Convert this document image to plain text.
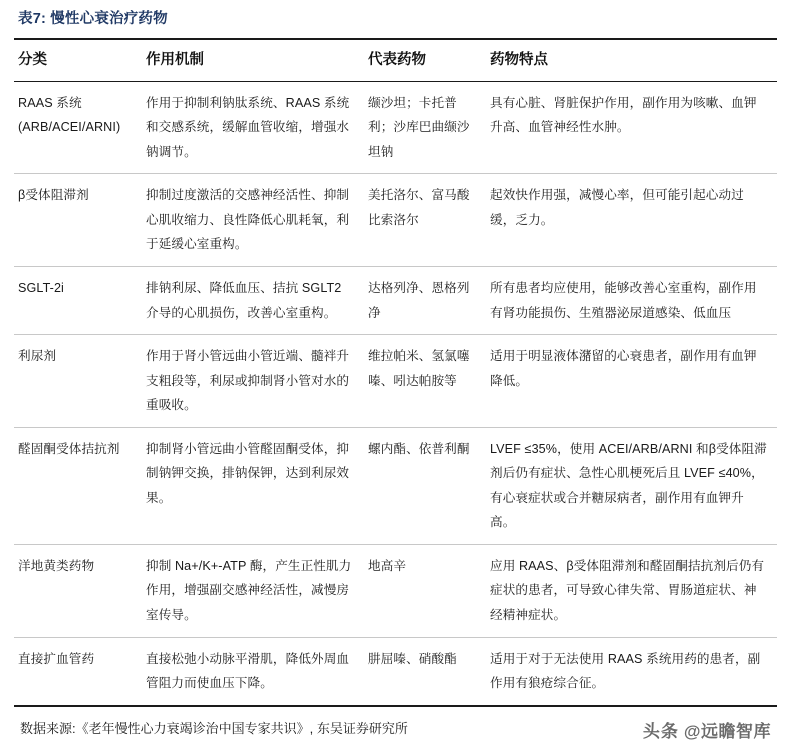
表7: 慢性心衰治疗药物
分类	作用机制	代表药物	药物特点
RAAS 系统 (ARB/ACEI/ARNI)	作用于抑制利钠肽系统、RAAS 系统和交感系统，缓解血管收缩，增强水钠调节。	缬沙坦；卡托普利；沙库巴曲缬沙坦钠	具有心脏、肾脏保护作用，副作用为咳嗽、血钾升高、血管神经性水肿。
β受体阻滞剂	抑制过度激活的交感神经活性、抑制心肌收缩力、良性降低心肌耗氧，利于延缓心室重构。	美托洛尔、富马酸比索洛尔	起效快作用强，减慢心率，但可能引起心动过缓，乏力。
SGLT-2i	排钠利尿、降低血压、拮抗 SGLT2 介导的心肌损伤，改善心室重构。	达格列净、恩格列净	所有患者均应使用，能够改善心室重构，副作用有肾功能损伤、生殖器泌尿道感染、低血压
利尿剂	作用于肾小管远曲小管近端、髓袢升支粗段等，利尿或抑制肾小管对水的重吸收。	维拉帕米、氢氯噻嗪、吲达帕胺等	适用于明显液体潴留的心衰患者，副作用有血钾降低。
醛固酮受体拮抗剂	抑制肾小管远曲小管醛固酮受体，抑制钠钾交换，排钠保钾，达到利尿效果。	螺内酯、依普利酮	LVEF ≤35%，使用 ACEI/ARB/ARNI 和β受体阻滞剂后仍有症状、急性心肌梗死后且 LVEF ≤40%，有心衰症状或合并糖尿病者，副作用有血钾升高。
洋地黄类药物	抑制 Na+/K+-ATP 酶，产生正性肌力作用，增强副交感神经活性，减慢房室传导。	地高辛	应用 RAAS、β受体阻滞剂和醛固酮拮抗剂后仍有症状的患者，可导致心律失常、胃肠道症状、神经精神症状。
直接扩血管药	直接松弛小动脉平滑肌，降低外周血管阻力而使血压下降。	肼屈嗪、硝酸酯	适用于对于无法使用 RAAS 系统用药的患者，副作用有狼疮综合征。
数据来源:《老年慢性心力衰竭诊治中国专家共识》, 东吴证券研究所	头条 @远瞻智库
